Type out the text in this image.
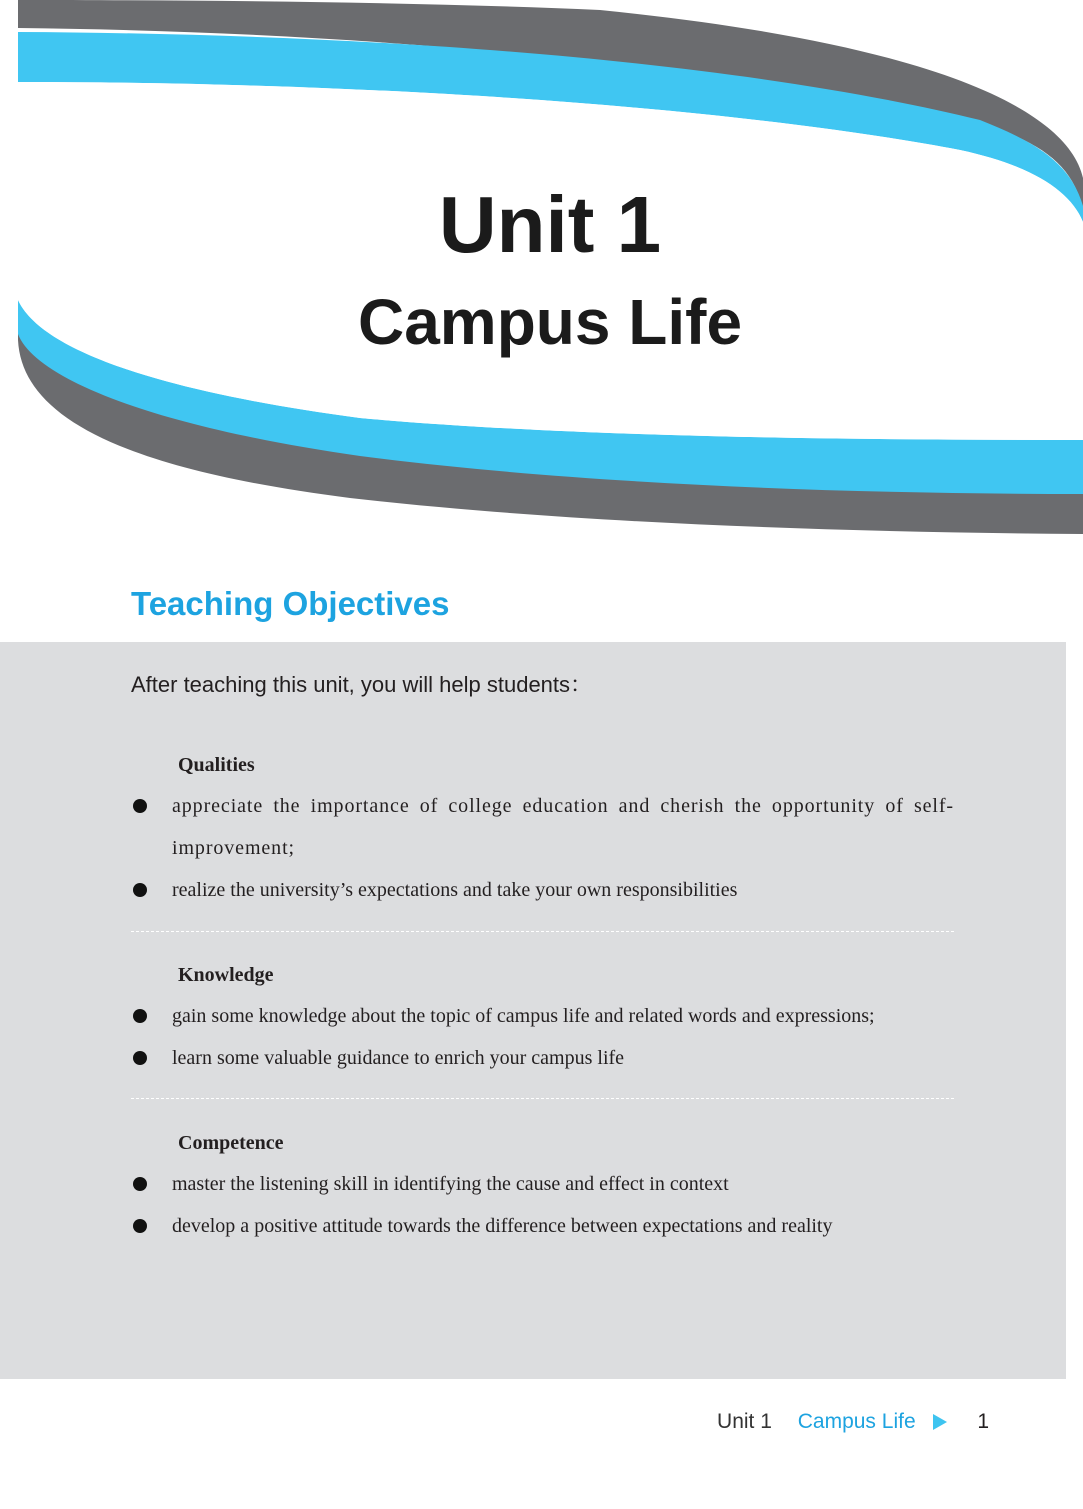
Unit 1
Campus Life
Teaching Objectives
After teaching this unit, you will help students：
Qualities
appreciate the importance of college education and cherish the opportunity of self-improvement;
realize the university’s expectations and take your own responsibilities
Knowledge
gain some knowledge about the topic of campus life and related words and expressions;
learn some valuable guidance to enrich your campus life
Competence
master the listening skill in identifying the cause and effect in context
develop a positive attitude towards the difference between expectations and reality
Unit 1 Campus Life	1
